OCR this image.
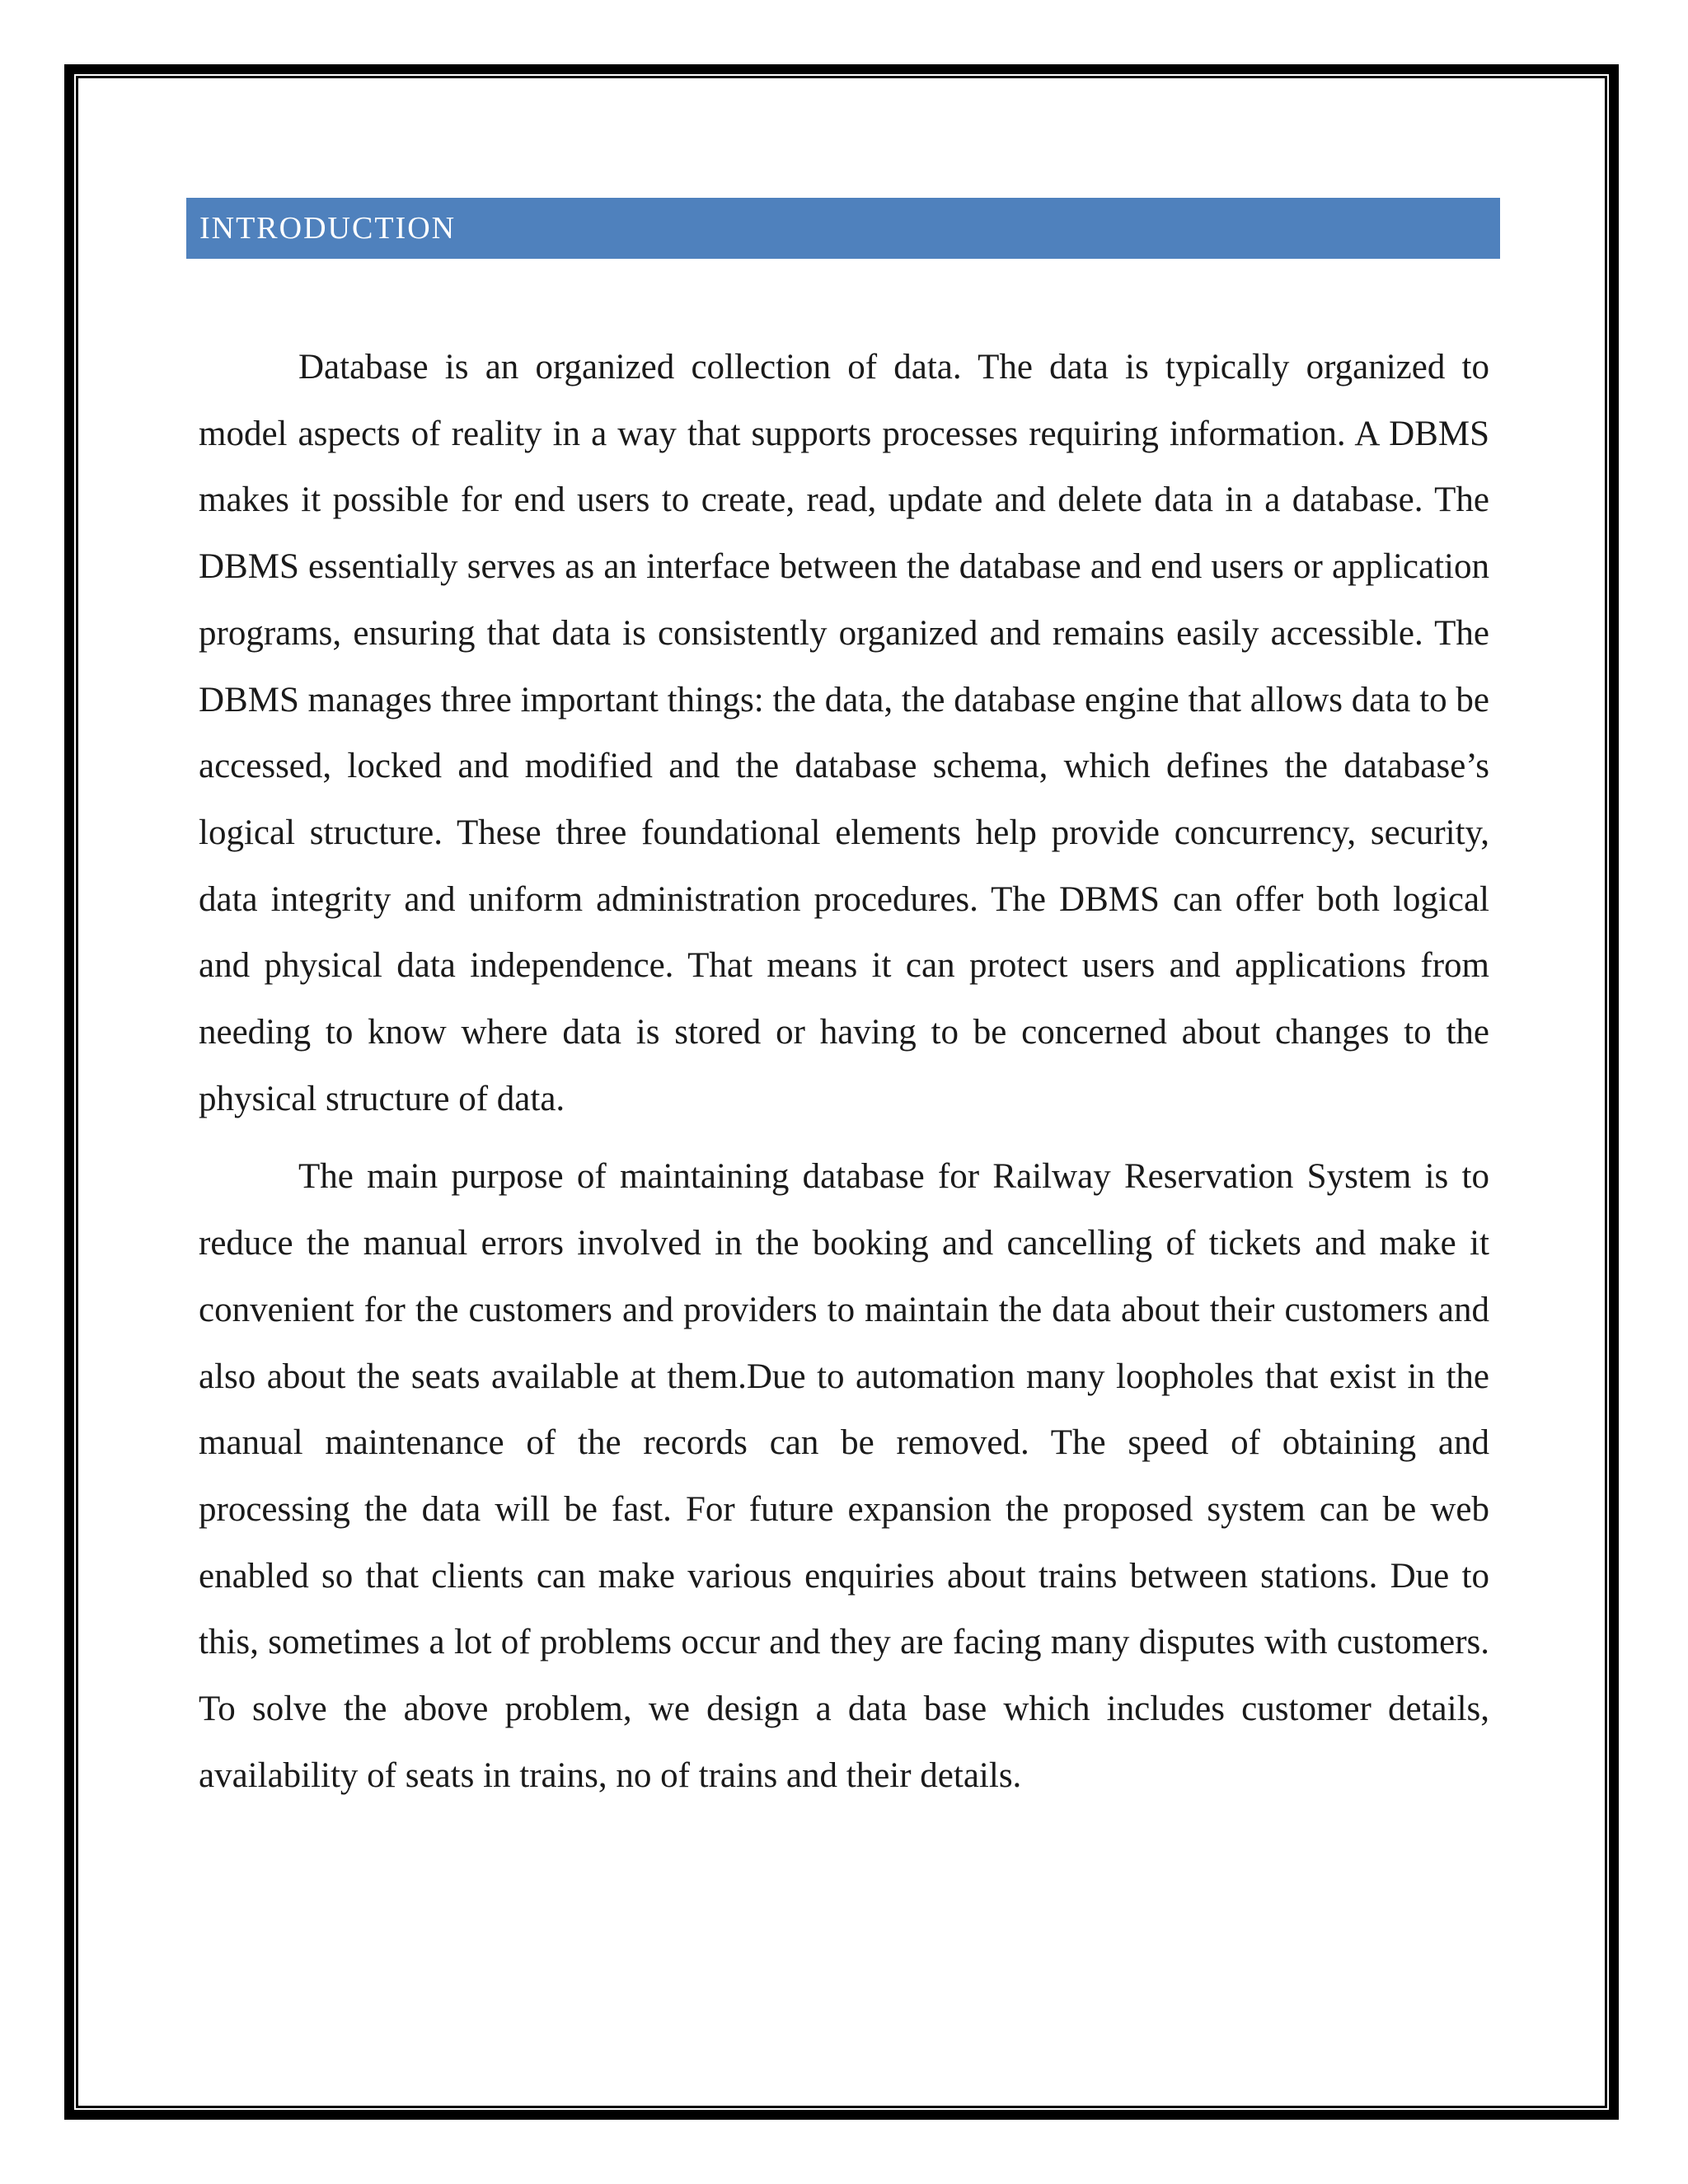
INTRODUCTION

Database is an organized collection of data. The data is typically organized to model aspects of reality in a way that supports processes requiring information. A DBMS makes it possible for end users to create, read, update and delete data in a database. The DBMS essentially serves as an interface between the database and end users or application programs, ensuring that data is consistently organized and remains easily accessible. The DBMS manages three important things: the data, the database engine that allows data to be accessed, locked and modified and the database schema, which defines the database’s logical structure. These three foundational elements help provide concurrency, security, data integrity and uniform administration procedures. The DBMS can offer both logical and physical data independence. That means it can protect users and applications from needing to know where data is stored or having to be concerned about changes to the physical structure of data.

The main purpose of maintaining database for Railway Reservation System is to reduce the manual errors involved in the booking and cancelling of tickets and make it convenient for the customers and providers to maintain the data about their customers and also about the seats available at them.Due to automation many loopholes that exist in the manual maintenance of the records can be removed. The speed of obtaining and processing the data will be fast. For future expansion the proposed system can be web enabled so that clients can make various enquiries about trains between stations. Due to this, sometimes a lot of problems occur and they are facing many disputes with customers. To solve the above problem, we design a data base which includes customer details, availability of seats in trains, no of trains and their details.
